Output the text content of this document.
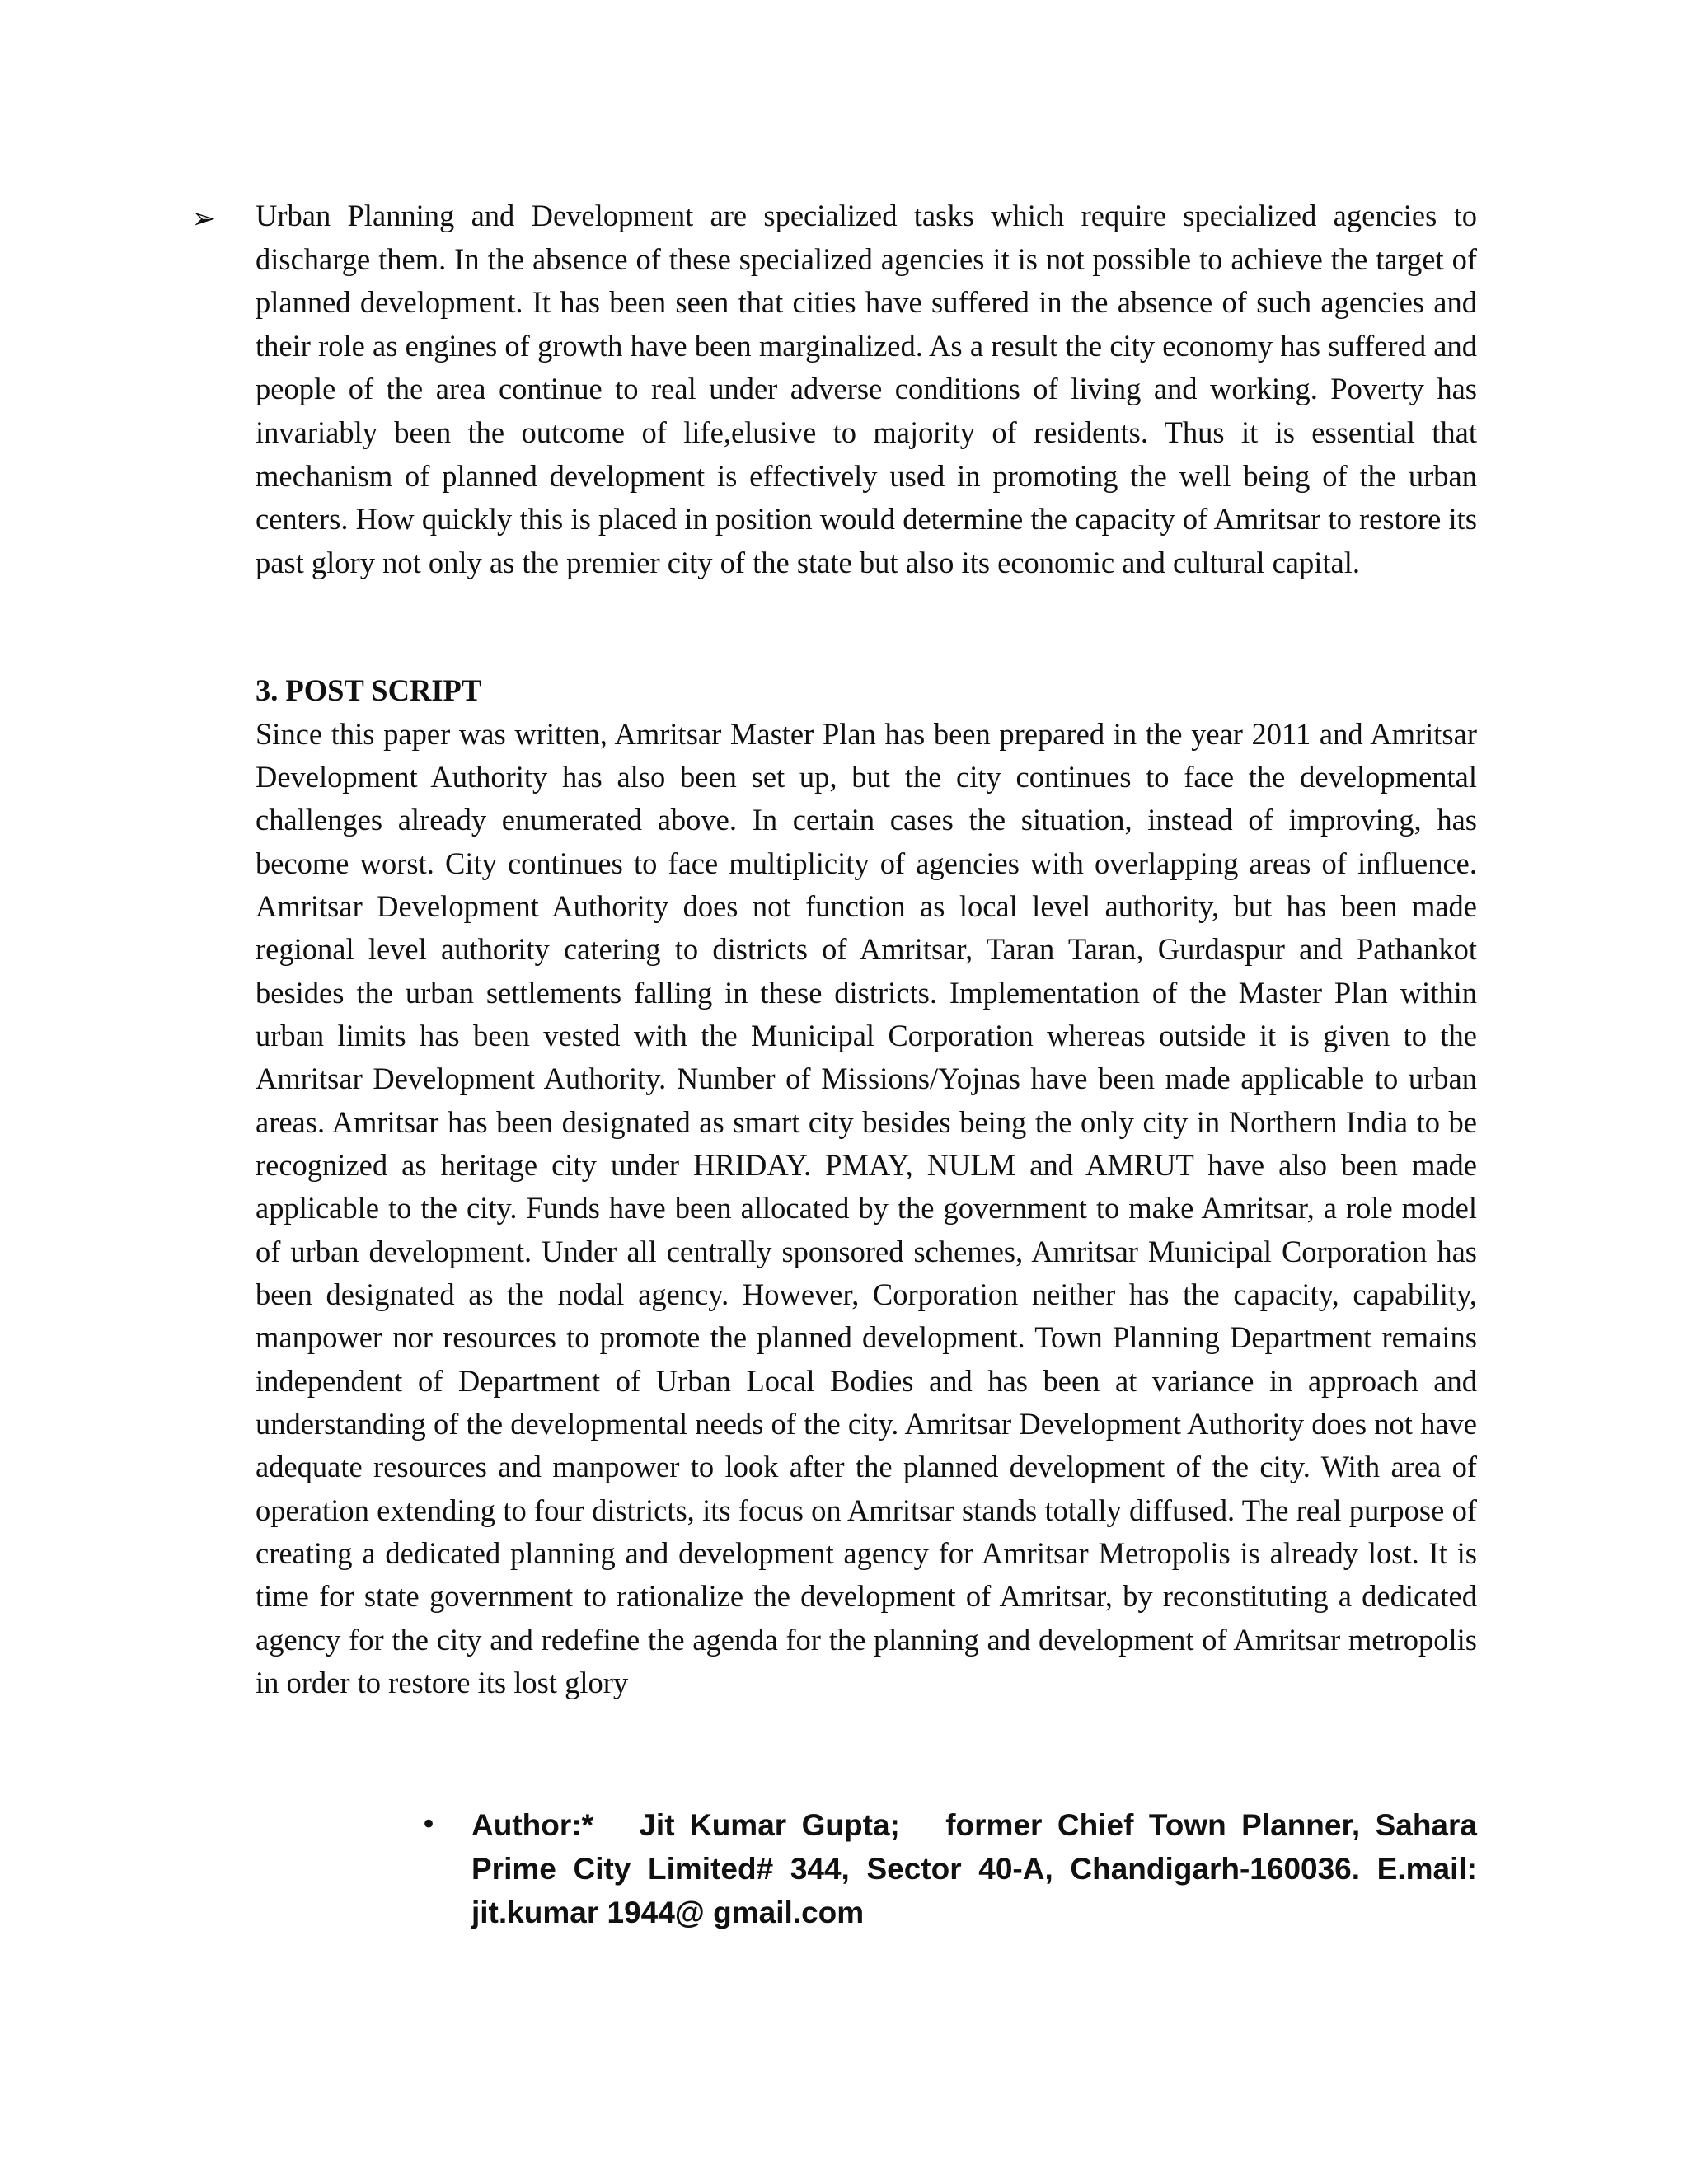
➢ Urban Planning and Development are specialized tasks which require specialized agencies to discharge them. In the absence of these specialized agencies it is not possible to achieve the target of planned development. It has been seen that cities have suffered in the absence of such agencies and their role as engines of growth have been marginalized. As a result the city economy has suffered and people of the area continue to real under adverse conditions of living and working. Poverty has invariably been the outcome of life,elusive to majority of residents. Thus it is essential that mechanism of planned development is effectively used in promoting the well being of the urban centers. How quickly this is placed in position would determine the capacity of Amritsar to restore its past glory not only as the premier city of the state but also its economic and cultural capital.

3. POST SCRIPT

Since this paper was written, Amritsar Master Plan has been prepared in the year 2011 and Amritsar Development Authority has also been set up, but the city continues to face the developmental challenges already enumerated above. In certain cases the situation, instead of improving, has become worst. City continues to face multiplicity of agencies with overlapping areas of influence. Amritsar Development Authority does not function as local level authority, but has been made regional level authority catering to districts of Amritsar, Taran Taran, Gurdaspur and Pathankot besides the urban settlements falling in these districts. Implementation of the Master Plan within urban limits has been vested with the Municipal Corporation whereas outside it is given to the Amritsar Development Authority. Number of Missions/Yojnas have been made applicable to urban areas. Amritsar has been designated as smart city besides being the only city in Northern India to be recognized as heritage city under HRIDAY. PMAY, NULM and AMRUT have also been made applicable to the city. Funds have been allocated by the government to make Amritsar, a role model of urban development. Under all centrally sponsored schemes, Amritsar Municipal Corporation has been designated as the nodal agency. However, Corporation neither has the capacity, capability, manpower nor resources to promote the planned development. Town Planning Department remains independent of Department of Urban Local Bodies and has been at variance in approach and understanding of the developmental needs of the city. Amritsar Development Authority does not have adequate resources and manpower to look after the planned development of the city. With area of operation extending to four districts, its focus on Amritsar stands totally diffused. The real purpose of creating a dedicated planning and development agency for Amritsar Metropolis is already lost. It is time for state government to rationalize the development of Amritsar, by reconstituting a dedicated agency for the city and redefine the agenda for the planning and development of Amritsar metropolis in order to restore its lost glory

• Author:*   Jit Kumar Gupta;   former Chief Town Planner, Sahara Prime City Limited# 344, Sector 40-A, Chandigarh-160036. E.mail: jit.kumar 1944@ gmail.com
